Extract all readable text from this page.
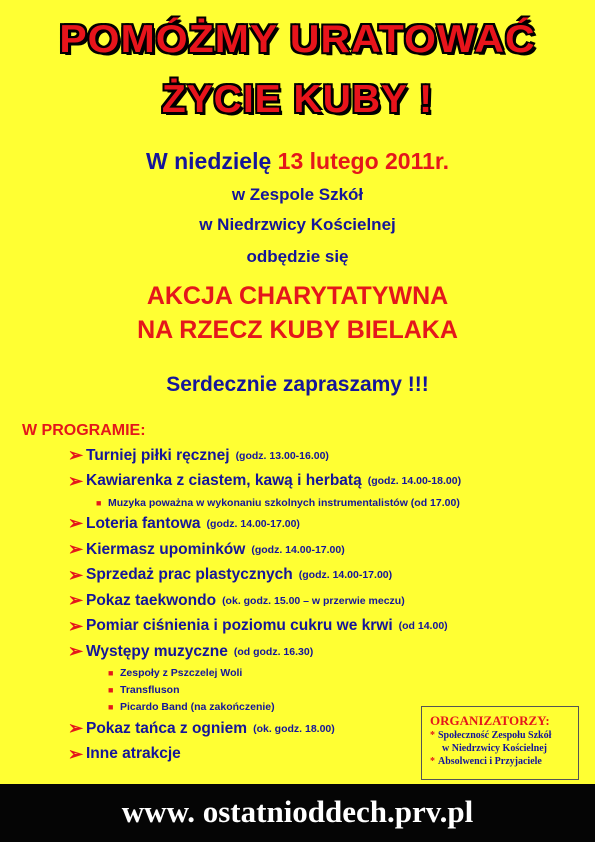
POMÓŻMY URATOWAĆ
ŻYCIE KUBY !
W niedzielę 13 lutego 2011r.
w Zespole Szkół
w Niedrzwicy Kościelnej
odbędzie się
AKCJA CHARYTATYWNA
NA RZECZ KUBY BIELAKA
Serdecznie zapraszamy !!!
W PROGRAMIE:
➢ Turniej piłki ręcznej (godz. 13.00-16.00)
➢ Kawiarenka z ciastem, kawą i herbatą (godz. 14.00-18.00)
■ Muzyka poważna w wykonaniu szkolnych instrumentalistów (od 17.00)
➢ Loteria fantowa (godz. 14.00-17.00)
➢ Kiermasz upominków (godz. 14.00-17.00)
➢ Sprzedaż prac plastycznych (godz. 14.00-17.00)
➢ Pokaz taekwondo (ok. godz. 15.00 – w przerwie meczu)
➢ Pomiar ciśnienia i poziomu cukru we krwi (od 14.00)
➢ Występy muzyczne (od godz. 16.30)
■ Zespoły z Pszczelej Woli
■ Transfluson
■ Picardo Band (na zakończenie)
➢ Pokaz tańca z ogniem (ok. godz. 18.00)
➢ Inne atrakcje
ORGANIZATORZY:
* Społeczność Zespołu Szkół
w Niedrzwicy Kościelnej
* Absolwenci i Przyjaciele
www. ostatnioddech.prv.pl
